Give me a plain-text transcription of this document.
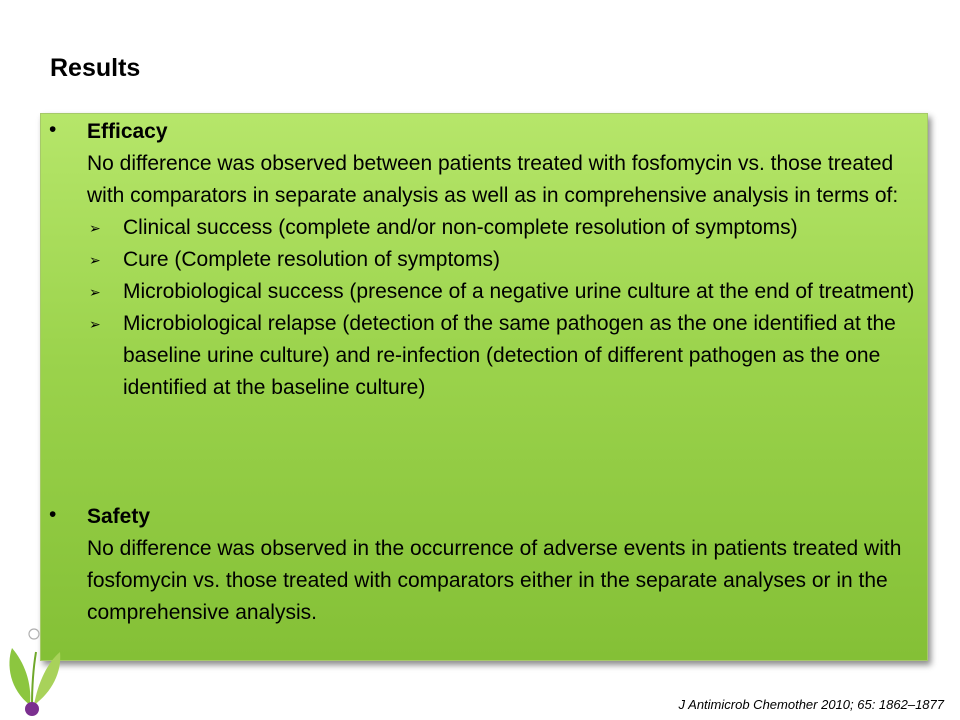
Results
• Efficacy

No difference was observed between patients treated with fosfomycin vs. those treated with comparators in separate analysis as well as in comprehensive analysis in terms of:

➢ Clinical success (complete and/or non-complete resolution of symptoms)
➢ Cure (Complete resolution of symptoms)
➢ Microbiological success (presence of a negative urine culture at the end of treatment)
➢ Microbiological relapse (detection of the same pathogen as the one identified at the baseline urine culture) and re-infection (detection of different pathogen as the one identified at the baseline culture)
• Safety

No difference was observed in the occurrence of adverse events in patients treated with fosfomycin vs. those treated with comparators either in the separate analyses or in the comprehensive analysis.

J Antimicrob Chemother 2010; 65: 1862–1877
